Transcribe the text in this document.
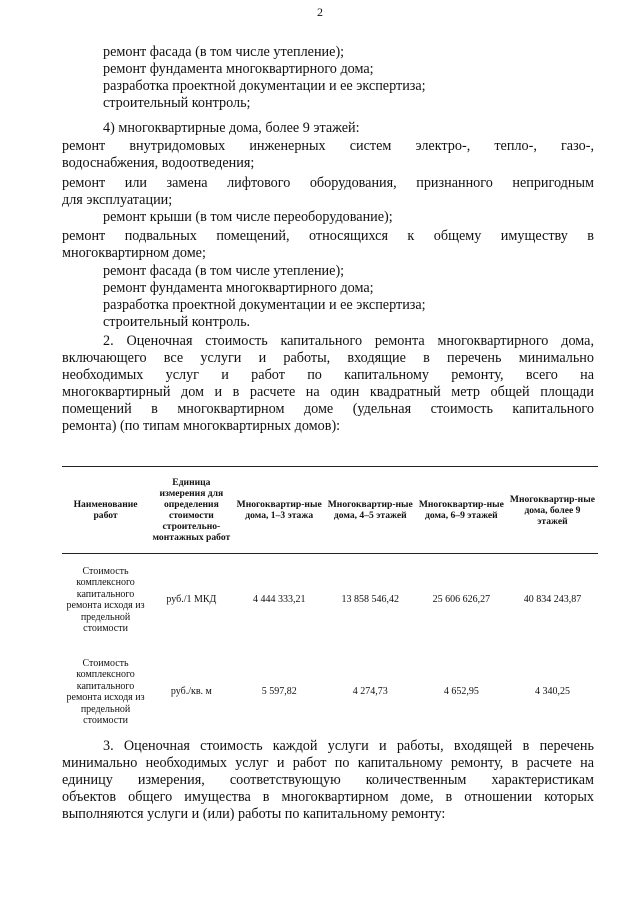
2
ремонт фасада (в том числе утепление);
ремонт фундамента многоквартирного дома;
разработка проектной документации и ее экспертиза;
строительный контроль;
4) многоквартирные дома, более 9 этажей:
ремонт внутридомовых инженерных систем электро-, тепло-, газо-,
водоснабжения, водоотведения;
ремонт или замена лифтового оборудования, признанного непригодным
для эксплуатации;
ремонт крыши (в том числе переоборудование);
ремонт подвальных помещений, относящихся к общему имуществу в
многоквартирном доме;
ремонт фасада (в том числе утепление);
ремонт фундамента многоквартирного дома;
разработка проектной документации и ее экспертиза;
строительный контроль.
2. Оценочная стоимость капитального ремонта многоквартирного дома,
включающего все услуги и работы, входящие в перечень минимально
необходимых услуг и работ по капитальному ремонту, всего на
многоквартирный дом и в расчете на один квадратный метр общей площади
помещений в многоквартирном доме (удельная стоимость капитального
ремонта) (по типам многоквартирных домов):
Наименование работ	Единица измерения для определения стоимости строительно-монтажных работ	Многоквартир-ные дома, 1–3 этажа	Многоквартир-ные дома, 4–5 этажей	Многоквартир-ные дома, 6–9 этажей	Многоквартир-ные дома, более 9 этажей
Стоимость комплексного капитального ремонта исходя из предельной стоимости	руб./1 МКД	4 444 333,21	13 858 546,42	25 606 626,27	40 834 243,87
Стоимость комплексного капитального ремонта исходя из предельной стоимости	руб./кв. м	5 597,82	4 274,73	4 652,95	4 340,25
3. Оценочная стоимость каждой услуги и работы, входящей в перечень
минимально необходимых услуг и работ по капитальному ремонту, в расчете на
единицу измерения, соответствующую количественным характеристикам
объектов общего имущества в многоквартирном доме, в отношении которых
выполняются услуги и (или) работы по капитальному ремонту:
